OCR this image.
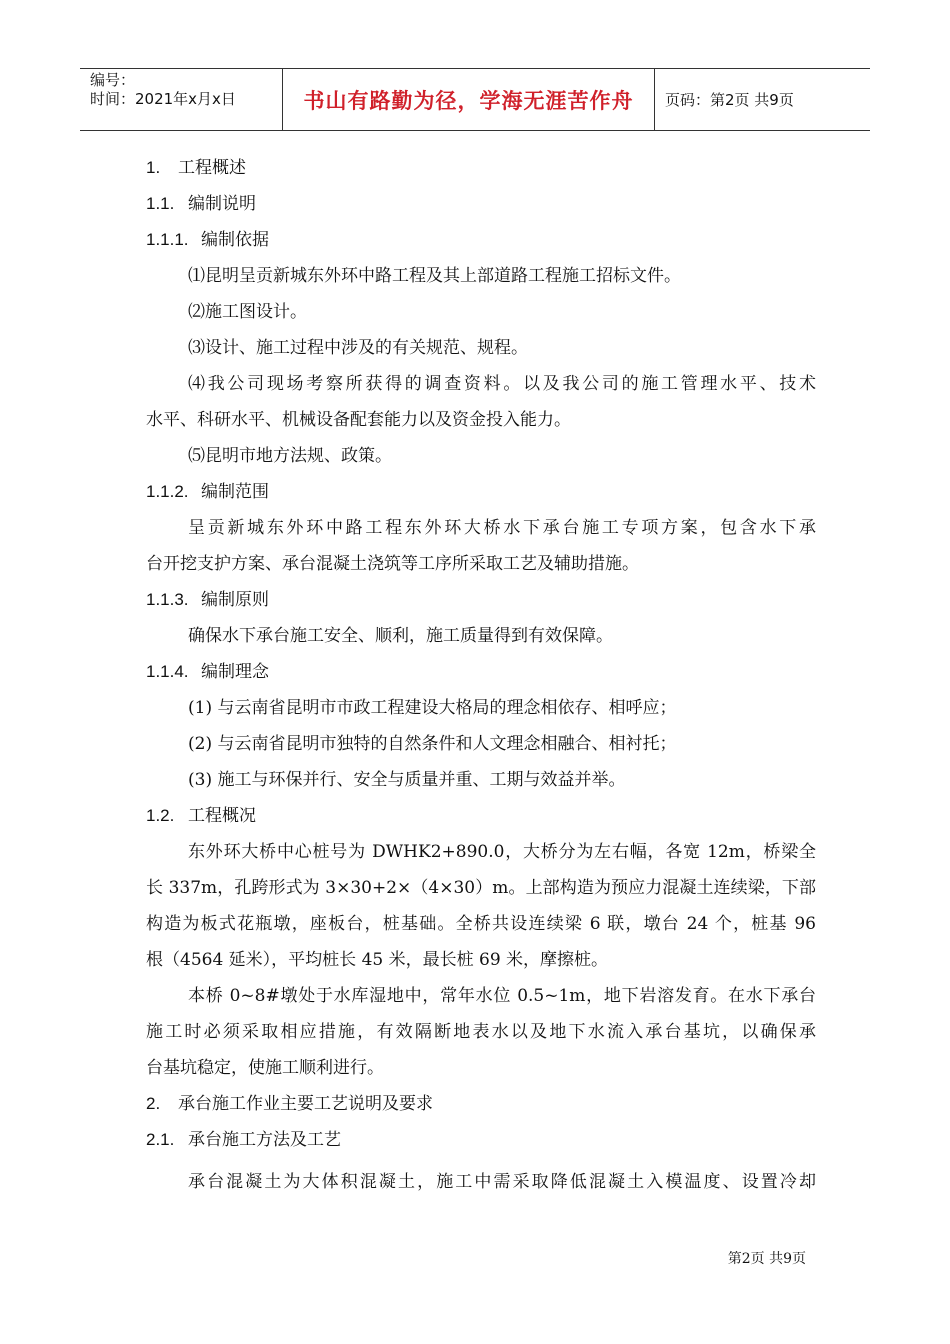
编号：
时间：2021年x月x日	书山有路勤为径，学海无涯苦作舟	页码：第2页 共9页
1. 工程概述
1.1. 编制说明
1.1.1. 编制依据
⑴昆明呈贡新城东外环中路工程及其上部道路工程施工招标文件。
⑵施工图设计。
⑶设计、施工过程中涉及的有关规范、规程。
⑷我公司现场考察所获得的调查资料。以及我公司的施工管理水平、技术
水平、科研水平、机械设备配套能力以及资金投入能力。
⑸昆明市地方法规、政策。
1.1.2. 编制范围
呈贡新城东外环中路工程东外环大桥水下承台施工专项方案，包含水下承
台开挖支护方案、承台混凝土浇筑等工序所采取工艺及辅助措施。
1.1.3. 编制原则
确保水下承台施工安全、顺利，施工质量得到有效保障。
1.1.4. 编制理念
(1) 与云南省昆明市市政工程建设大格局的理念相依存、相呼应；
(2) 与云南省昆明市独特的自然条件和人文理念相融合、相衬托；
(3) 施工与环保并行、安全与质量并重、工期与效益并举。
1.2. 工程概况
东外环大桥中心桩号为 DWHK2+890.0，大桥分为左右幅，各宽 12m，桥梁全
长 337m，孔跨形式为 3×30+2×（4×30）m。上部构造为预应力混凝土连续梁，下部
构造为板式花瓶墩，座板台，桩基础。全桥共设连续梁 6 联，墩台 24 个，桩基 96
根（4564 延米），平均桩长 45 米，最长桩 69 米，摩擦桩。
本桥 0~8#墩处于水库湿地中，常年水位 0.5~1m，地下岩溶发育。在水下承台
施工时必须采取相应措施，有效隔断地表水以及地下水流入承台基坑，以确保承
台基坑稳定，使施工顺利进行。
2. 承台施工作业主要工艺说明及要求
2.1. 承台施工方法及工艺
承台混凝土为大体积混凝土，施工中需采取降低混凝土入模温度、设置冷却
第2页 共9页
